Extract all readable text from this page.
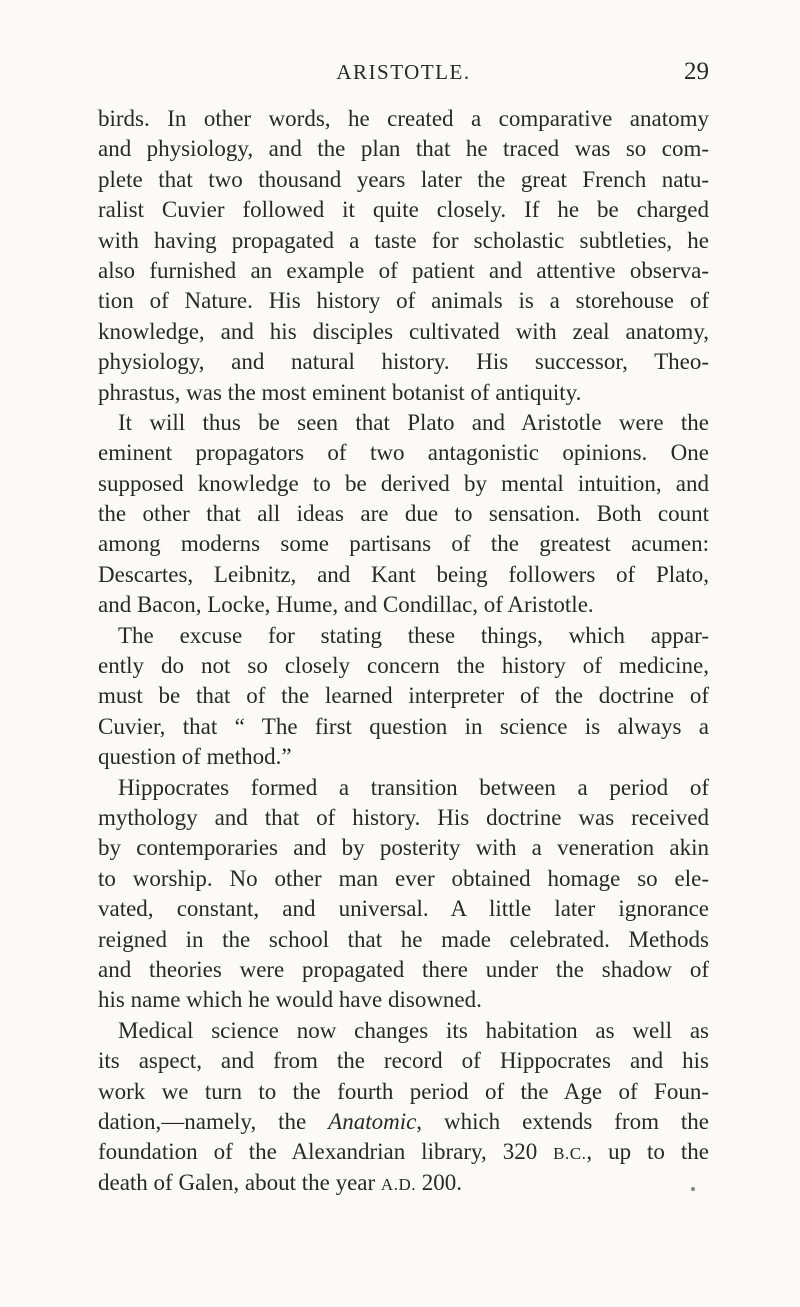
ARISTOTLE.	29
birds. In other words, he created a comparative anatomy
and physiology, and the plan that he traced was so com-
plete that two thousand years later the great French natu-
ralist Cuvier followed it quite closely. If he be charged
with having propagated a taste for scholastic subtleties, he
also furnished an example of patient and attentive observa-
tion of Nature. His history of animals is a storehouse of
knowledge, and his disciples cultivated with zeal anatomy,
physiology, and natural history. His successor, Theo-
phrastus, was the most eminent botanist of antiquity.
It will thus be seen that Plato and Aristotle were the
eminent propagators of two antagonistic opinions. One
supposed knowledge to be derived by mental intuition, and
the other that all ideas are due to sensation. Both count
among moderns some partisans of the greatest acumen:
Descartes, Leibnitz, and Kant being followers of Plato,
and Bacon, Locke, Hume, and Condillac, of Aristotle.
The excuse for stating these things, which appar-
ently do not so closely concern the history of medicine,
must be that of the learned interpreter of the doctrine of
Cuvier, that “ The first question in science is always a
question of method.”
Hippocrates formed a transition between a period of
mythology and that of history. His doctrine was received
by contemporaries and by posterity with a veneration akin
to worship. No other man ever obtained homage so ele-
vated, constant, and universal. A little later ignorance
reigned in the school that he made celebrated. Methods
and theories were propagated there under the shadow of
his name which he would have disowned.
Medical science now changes its habitation as well as
its aspect, and from the record of Hippocrates and his
work we turn to the fourth period of the Age of Foun-
dation,—namely, the Anatomic, which extends from the
foundation of the Alexandrian library, 320 B.C., up to the
death of Galen, about the year A.D. 200.
